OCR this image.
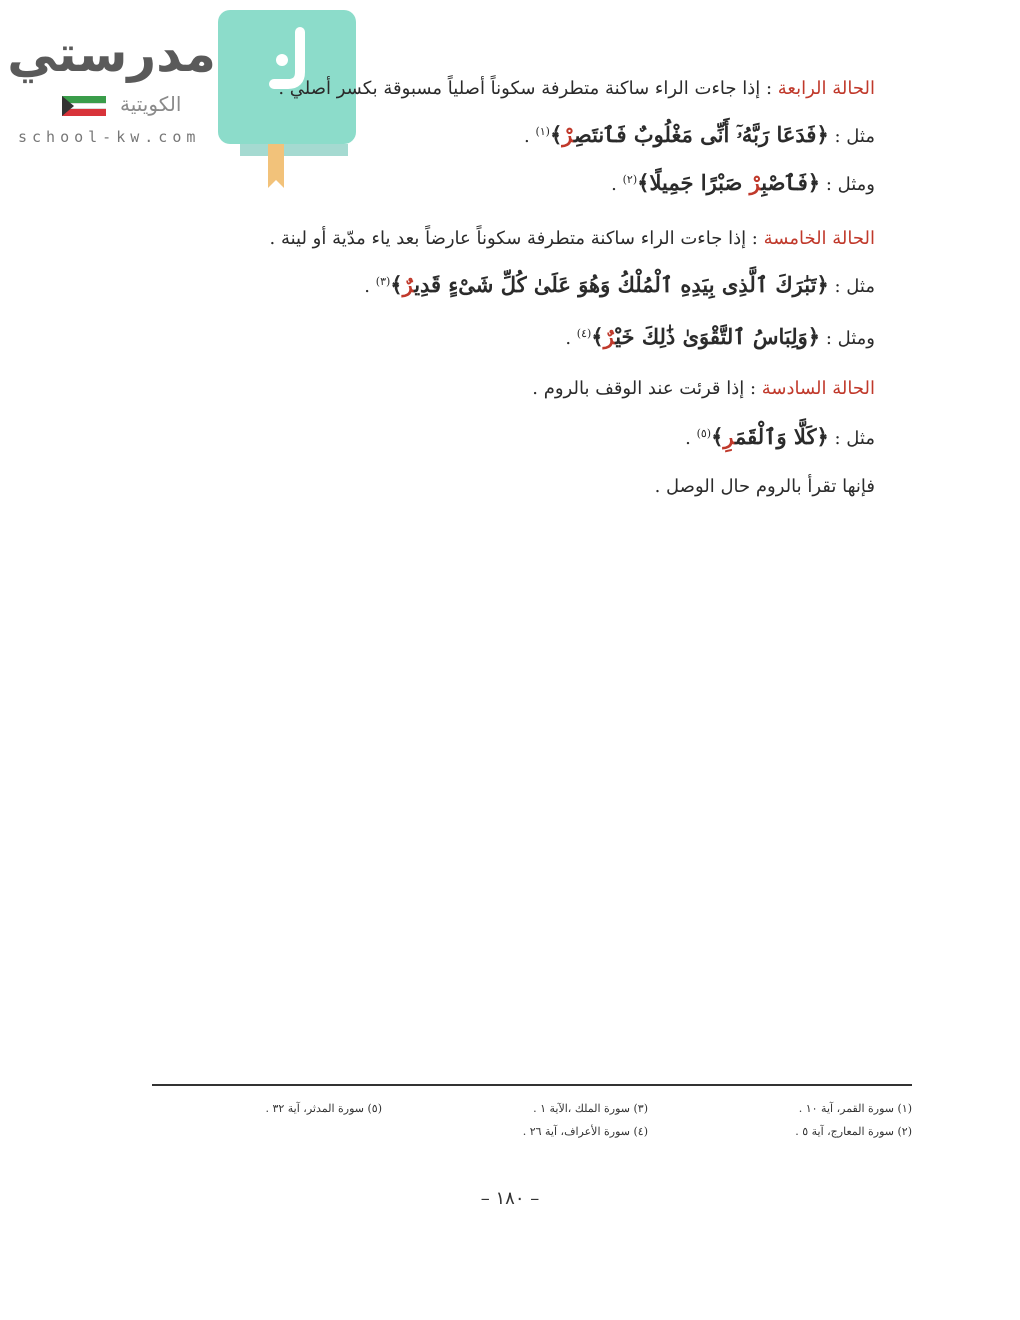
مدرستي
الكويتية
school-kw.com
الحالة الرابعة : إذا جاءت الراء ساكنة متطرفة سكوناً أصلياً مسبوقة بكسر أصلي .
مثل : ﴿فَدَعَا رَبَّهُۥٓ أَنِّى مَغْلُوبٌ فَٱنتَصِرْ﴾$^{(١)}$ .
ومثل : ﴿فَٱصْبِرْ صَبْرًا جَمِيلًا﴾$^{(٢)}$ .
الحالة الخامسة : إذا جاءت الراء ساكنة متطرفة سكوناً عارضاً بعد ياء مدّية أو لينة .
مثل : ﴿تَبَٰرَكَ ٱلَّذِى بِيَدِهِ ٱلْمُلْكُ وَهُوَ عَلَىٰ كُلِّ شَىْءٍ قَدِيرٌ﴾$^{(٣)}$ .
ومثل : ﴿وَلِبَاسُ ٱلتَّقْوَىٰ ذَٰلِكَ خَيْرٌ﴾$^{(٤)}$ .
الحالة السادسة : إذا قرئت عند الوقف بالروم .
مثل : ﴿كَلَّا وَٱلْقَمَرِ﴾$^{(٥)}$ .
فإنها تقرأ بالروم حال الوصل .
(١) سورة القمر، آية ١٠ .
(٢) سورة المعارج، آية ٥ .
(٣) سورة الملك ،الآية ١ .
(٤) سورة الأعراف، آية ٢٦ .
(٥) سورة المدثر، آية ٣٢ .
– ١٨٠ –
